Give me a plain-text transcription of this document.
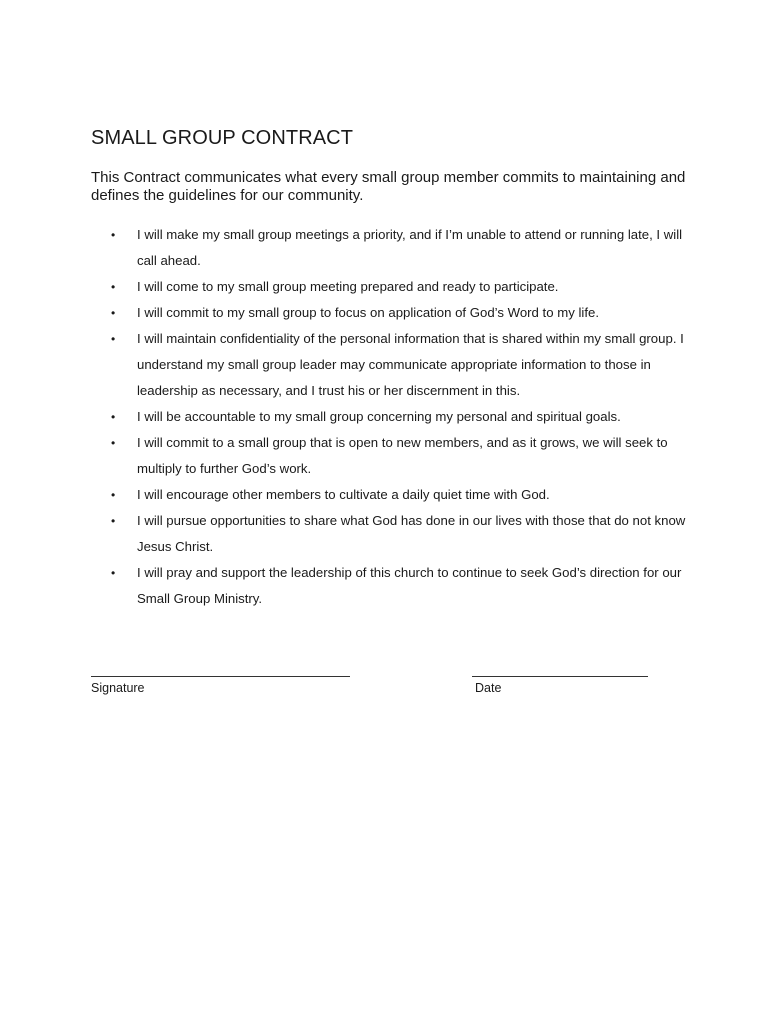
SMALL GROUP CONTRACT

This Contract communicates what every small group member commits to maintaining and defines the guidelines for our community.

• I will make my small group meetings a priority, and if I’m unable to attend or running late, I will call ahead.
• I will come to my small group meeting prepared and ready to participate.
• I will commit to my small group to focus on application of God’s Word to my life.
• I will maintain confidentiality of the personal information that is shared within my small group. I understand my small group leader may communicate appropriate information to those in leadership as necessary, and I trust his or her discernment in this.
• I will be accountable to my small group concerning my personal and spiritual goals.
• I will commit to a small group that is open to new members, and as it grows, we will seek to multiply to further God’s work.
• I will encourage other members to cultivate a daily quiet time with God.
• I will pursue opportunities to share what God has done in our lives with those that do not know Jesus Christ.
• I will pray and support the leadership of this church to continue to seek God’s direction for our Small Group Ministry.
Signature	Date
